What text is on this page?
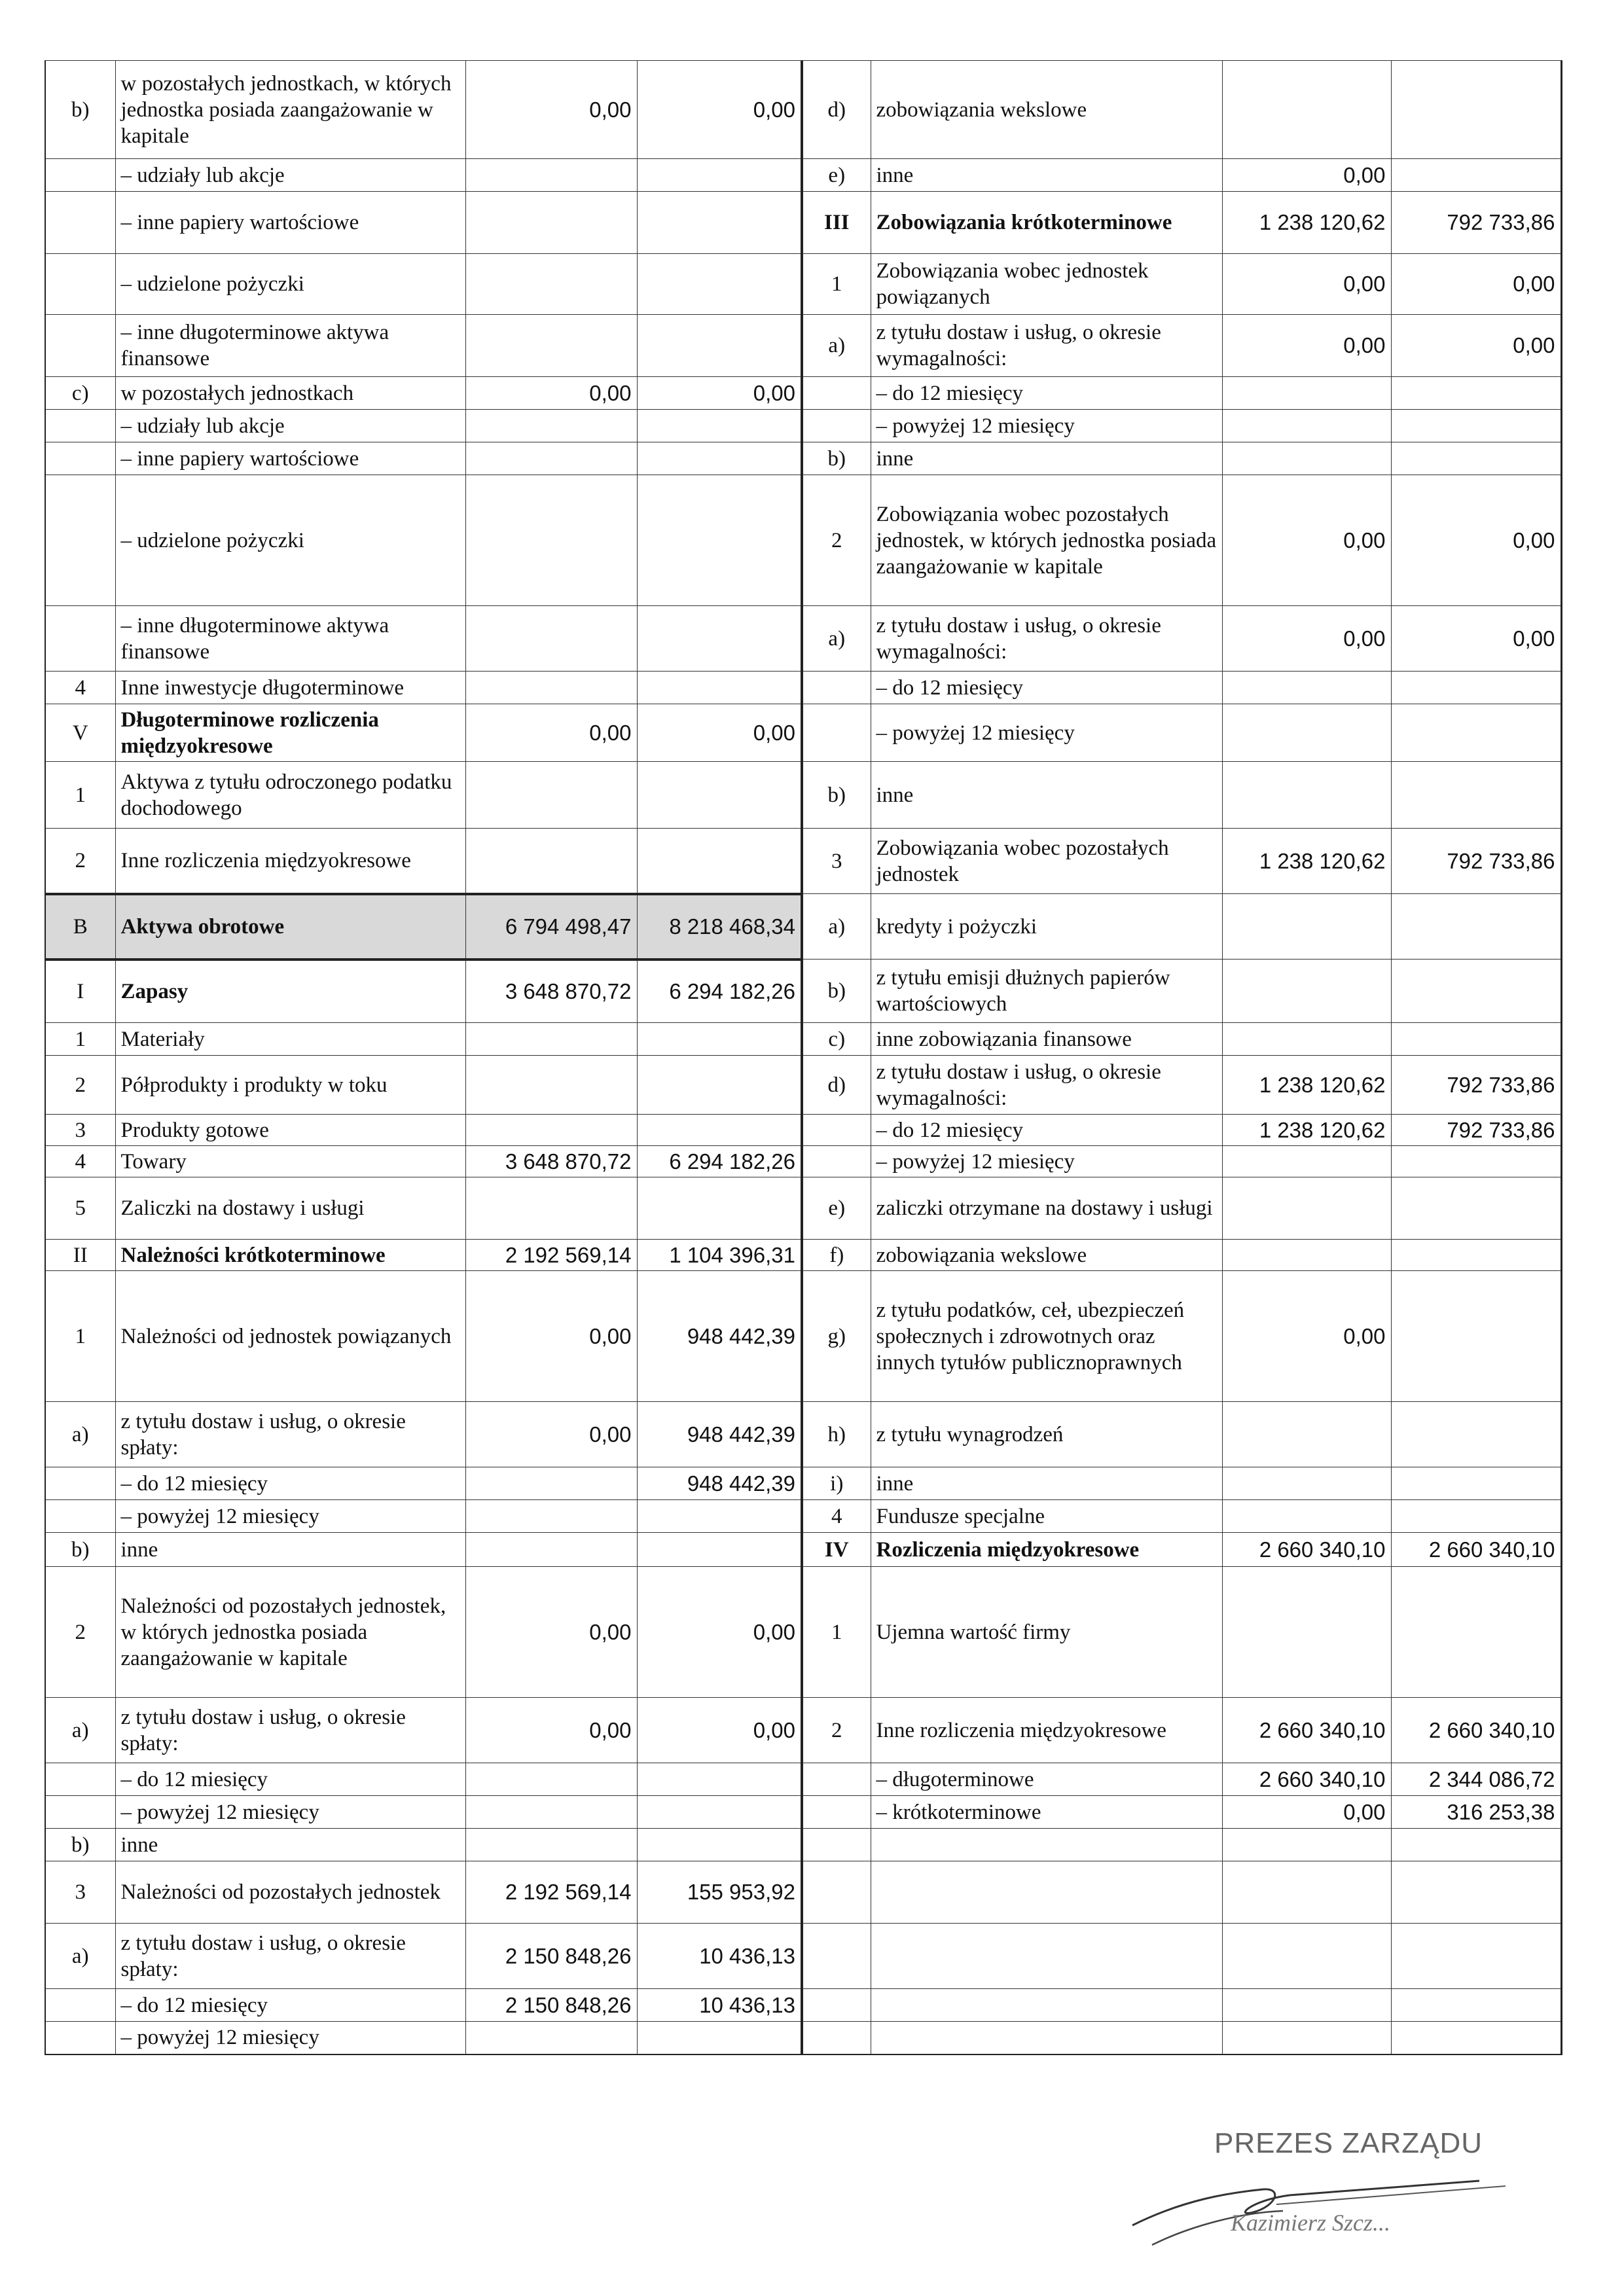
b)	w pozostałych jednostkach, w których jednostka posiada zaangażowanie w kapitale	0,00	0,00	d)	zobowiązania wekslowe		
	– udziały lub akcje			e)	inne	0,00	
	– inne papiery wartościowe			III	Zobowiązania krótkoterminowe	1 238 120,62	792 733,86
	– udzielone pożyczki			1	Zobowiązania wobec jednostek powiązanych	0,00	0,00
	– inne długoterminowe aktywa finansowe			a)	z tytułu dostaw i usług, o okresie wymagalności:	0,00	0,00
c)	w pozostałych jednostkach	0,00	0,00		– do 12 miesięcy		
	– udziały lub akcje				– powyżej 12 miesięcy		
	– inne papiery wartościowe			b)	inne		
	– udzielone pożyczki			2	Zobowiązania wobec pozostałych jednostek, w których jednostka posiada zaangażowanie w kapitale	0,00	0,00
	– inne długoterminowe aktywa finansowe			a)	z tytułu dostaw i usług, o okresie wymagalności:	0,00	0,00
4	Inne inwestycje długoterminowe				– do 12 miesięcy		
V	Długoterminowe rozliczenia międzyokresowe	0,00	0,00		– powyżej 12 miesięcy		
1	Aktywa z tytułu odroczonego podatku dochodowego			b)	inne		
2	Inne rozliczenia międzyokresowe			3	Zobowiązania wobec pozostałych jednostek	1 238 120,62	792 733,86
B	Aktywa obrotowe	6 794 498,47	8 218 468,34	a)	kredyty i pożyczki		
I	Zapasy	3 648 870,72	6 294 182,26	b)	z tytułu emisji dłużnych papierów wartościowych		
1	Materiały			c)	inne zobowiązania finansowe		
2	Półprodukty i produkty w toku			d)	z tytułu dostaw i usług, o okresie wymagalności:	1 238 120,62	792 733,86
3	Produkty gotowe				– do 12 miesięcy	1 238 120,62	792 733,86
4	Towary	3 648 870,72	6 294 182,26		– powyżej 12 miesięcy		
5	Zaliczki na dostawy i usługi			e)	zaliczki otrzymane na dostawy i usługi		
II	Należności krótkoterminowe	2 192 569,14	1 104 396,31	f)	zobowiązania wekslowe		
1	Należności od jednostek powiązanych	0,00	948 442,39	g)	z tytułu podatków, ceł, ubezpieczeń społecznych i zdrowotnych oraz innych tytułów publicznoprawnych	0,00	
a)	z tytułu dostaw i usług, o okresie spłaty:	0,00	948 442,39	h)	z tytułu wynagrodzeń		
	– do 12 miesięcy		948 442,39	i)	inne		
	– powyżej 12 miesięcy			4	Fundusze specjalne		
b)	inne			IV	Rozliczenia międzyokresowe	2 660 340,10	2 660 340,10
2	Należności od pozostałych jednostek, w których jednostka posiada zaangażowanie w kapitale	0,00	0,00	1	Ujemna wartość firmy		
a)	z tytułu dostaw i usług, o okresie spłaty:	0,00	0,00	2	Inne rozliczenia międzyokresowe	2 660 340,10	2 660 340,10
	– do 12 miesięcy				– długoterminowe	2 660 340,10	2 344 086,72
	– powyżej 12 miesięcy				– krótkoterminowe	0,00	316 253,38
b)	inne						
3	Należności od pozostałych jednostek	2 192 569,14	155 953,92				
a)	z tytułu dostaw i usług, o okresie spłaty:	2 150 848,26	10 436,13				
	– do 12 miesięcy	2 150 848,26	10 436,13				
	– powyżej 12 miesięcy						
PREZES ZARZĄDU
Kazimierz Szcz...
